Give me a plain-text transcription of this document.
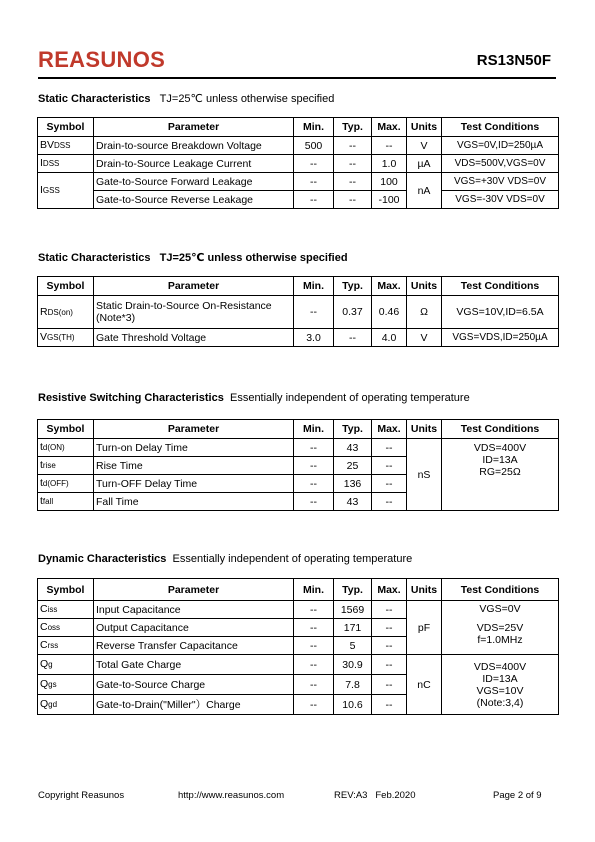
REASUNOS	RS13N50F
Static Characteristics TJ=25℃ unless otherwise specified
Symbol	Parameter	Min.	Typ.	Max.	Units	Test Conditions
BVDSS	Drain-to-source Breakdown Voltage	500	--	--	V	VGS=0V,ID=250µA
IDSS	Drain-to-Source Leakage Current	--	--	1.0	µA	VDS=500V,VGS=0V
IGSS	Gate-to-Source Forward Leakage	--	--	100	nA	VGS=+30V VDS=0V
	Gate-to-Source Reverse Leakage	--	--	-100		VGS=-30V VDS=0V
Static Characteristics TJ=25℃ unless otherwise specified
Symbol	Parameter	Min.	Typ.	Max.	Units	Test Conditions
RDS(on)	Static Drain-to-Source On-Resistance
(Note*3)	--	0.37	0.46	Ω	VGS=10V,ID=6.5A
VGS(TH)	Gate Threshold Voltage	3.0	--	4.0	V	VGS=VDS,ID=250µA
Resistive Switching Characteristics Essentially independent of operating temperature
Symbol	Parameter	Min.	Typ.	Max.	Units	Test Conditions
td(ON)	Turn-on Delay Time	--	43	--	nS	VDS=400V
ID=13A
RG=25Ω

trise	Rise Time	--	25	--		
td(OFF)	Turn-OFF Delay Time	--	136	--		
tfall	Fall Time	--	43	--		
Dynamic Characteristics Essentially independent of operating temperature
Symbol	Parameter	Min.	Typ.	Max.	Units	Test Conditions
Ciss	Input Capacitance	--	1569	--	pF	VGS=0V
VDS=25V
f=1.0MHz

Coss	Output Capacitance	--	171	--		
Crss	Reverse Transfer Capacitance	--	5	--		
Qg	Total Gate Charge	--	30.9	--	nC	VDS=400V
ID=13A
VGS=10V
(Note:3,4)

Qgs	Gate-to-Source Charge	--	7.8	--		
Qgd	Gate-to-Drain("Miller"）Charge	--	10.6	--		
Copyright Reasunos	http://www.reasunos.com	REV:A3   Feb.2020	Page 2 of 9
